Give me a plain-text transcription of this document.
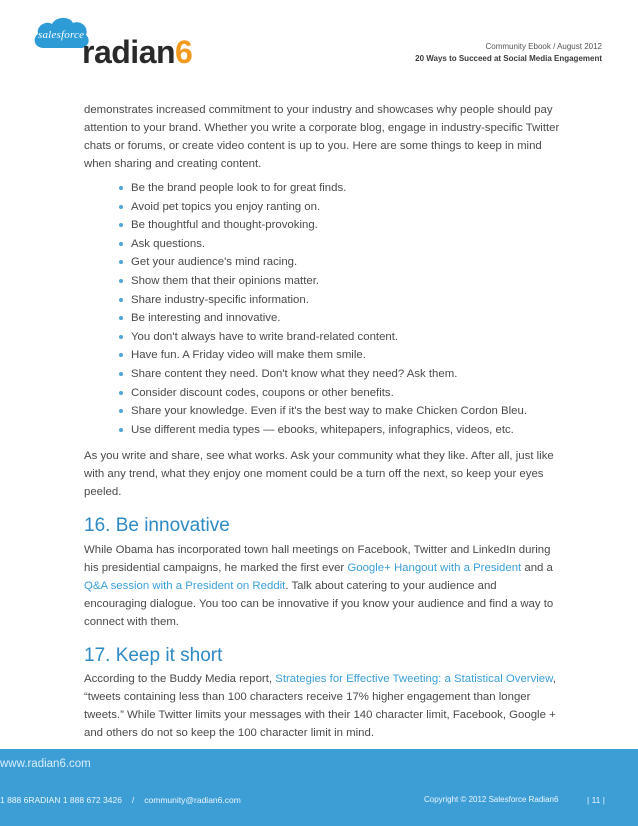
salesforce
radian6	Community Ebook / August 2012
20 Ways to Succeed at Social Media Engagement

demonstrates increased commitment to your industry and showcases why people should pay attention to your brand. Whether you write a corporate blog, engage in industry-specific Twitter chats or forums, or create video content is up to you. Here are some things to keep in mind when sharing and creating content.

Be the brand people look to for great finds.
Avoid pet topics you enjoy ranting on.
Be thoughtful and thought-provoking.
Ask questions.
Get your audience's mind racing.
Show them that their opinions matter.
Share industry-specific information.
Be interesting and innovative.
You don't always have to write brand-related content.
Have fun. A Friday video will make them smile.
Share content they need. Don't know what they need? Ask them.
Consider discount codes, coupons or other benefits.
Share your knowledge. Even if it's the best way to make Chicken Cordon Bleu.
Use different media types — ebooks, whitepapers, infographics, videos, etc.

As you write and share, see what works. Ask your community what they like. After all, just like with any trend, what they enjoy one moment could be a turn off the next, so keep your eyes peeled.

16. Be innovative

While Obama has incorporated town hall meetings on Facebook, Twitter and LinkedIn during his presidential campaigns, he marked the first ever Google+ Hangout with a President and a Q&A session with a President on Reddit. Talk about catering to your audience and encouraging dialogue. You too can be innovative if you know your audience and find a way to connect with them.

17. Keep it short

According to the Buddy Media report, Strategies for Effective Tweeting: a Statistical Overview, “tweets containing less than 100 characters receive 17% higher engagement than longer tweets.” While Twitter limits your messages with their 140 character limit, Facebook, Google + and others do not so keep the 100 character limit in mind.

www.radian6.com
1 888 6RADIAN 1 888 672 3426 / community@radian6.com	Copyright © 2012 Salesforce Radian6	| 11 |
